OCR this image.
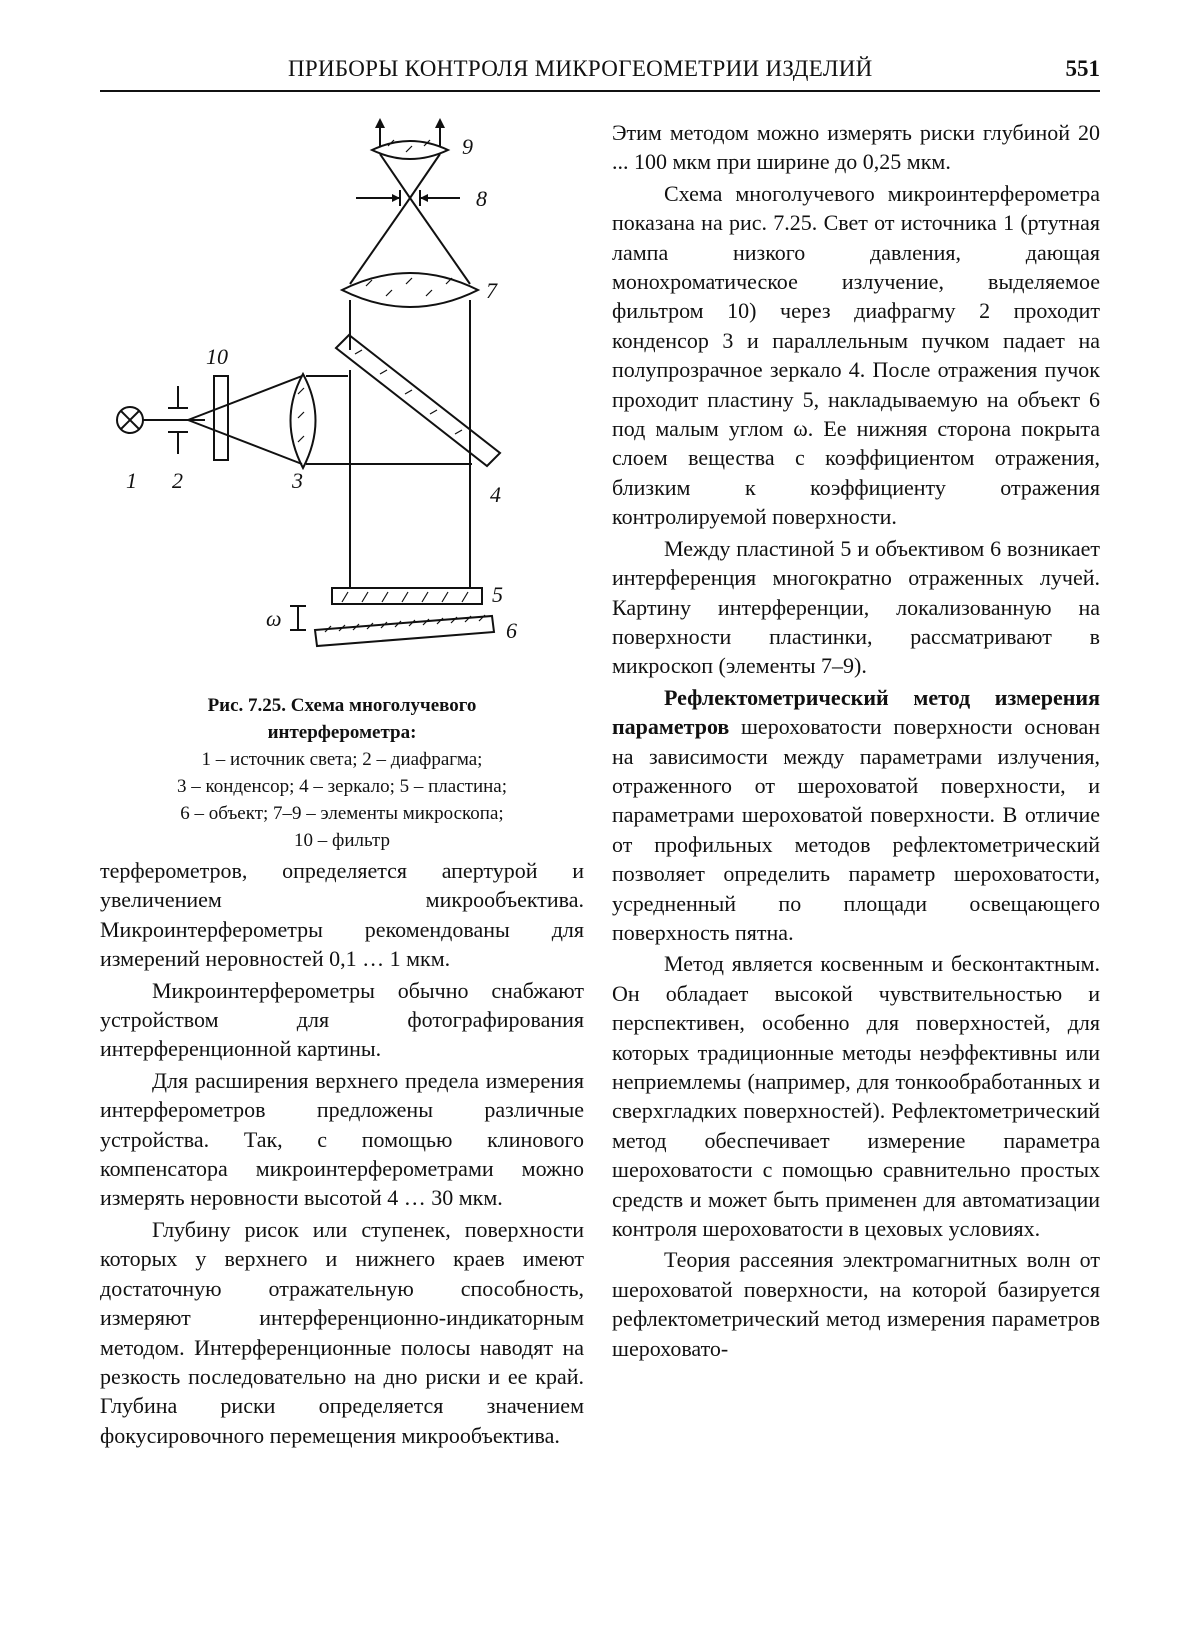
ПРИБОРЫ КОНТРОЛЯ МИКРОГЕОМЕТРИИ ИЗДЕЛИЙ	551
1 2	3
4
5
6
7
8
9
10
ω
Рис. 7.25. Схема многолучевого
интерферометра:
1 – источник света; 2 – диафрагма;
3 – конденсор; 4 – зеркало; 5 – пластина;
6 – объект; 7–9 – элементы микроскопа;
10 – фильтр

терферометров, определяется апертурой и увеличением микрообъектива. Микроинтерферометры рекомендованы для измерений неровностей 0,1 … 1 мкм.

Микроинтерферометры обычно снабжают устройством для фотографирования интерференционной картины.

Для расширения верхнего предела измерения интерферометров предложены различные устройства. Так, с помощью клинового компенсатора микроинтерферометрами можно измерять неровности высотой 4 … 30 мкм.

Глубину рисок или ступенек, поверхности которых у верхнего и нижнего краев имеют достаточную отражательную способность, измеряют интерференционно-индикаторным методом. Интерференционные полосы наводят на резкость последовательно на дно риски и ее край. Глубина риски определяется значением фокусировочного перемещения микрообъектива.

Этим методом можно измерять риски глубиной 20 ... 100 мкм при ширине до 0,25 мкм.

Схема многолучевого микроинтерферометра показана на рис. 7.25. Свет от источника 1 (ртутная лампа низкого давления, дающая монохроматическое излучение, выделяемое фильтром 10) через диафрагму 2 проходит конденсор 3 и параллельным пучком падает на полупрозрачное зеркало 4. После отражения пучок проходит пластину 5, накладываемую на объект 6 под малым углом ω. Ее нижняя сторона покрыта слоем вещества с коэффициентом отражения, близким к коэффициенту отражения контролируемой поверхности.

Между пластиной 5 и объективом 6 возникает интерференция многократно отраженных лучей. Картину интерференции, локализованную на поверхности пластинки, рассматривают в микроскоп (элементы 7–9).

Рефлектометрический метод измерения параметров шероховатости поверхности основан на зависимости между параметрами излучения, отраженного от шероховатой поверхности, и параметрами шероховатой поверхности. В отличие от профильных методов рефлектометрический позволяет определить параметр шероховатости, усредненный по площади освещающего поверхность пятна.

Метод является косвенным и бесконтактным. Он обладает высокой чувствительностью и перспективен, особенно для поверхностей, для которых традиционные методы неэффективны или неприемлемы (например, для тонкообработанных и сверхгладких поверхностей). Рефлектометрический метод обеспечивает измерение параметра шероховатости с помощью сравнительно простых средств и может быть применен для автоматизации контроля шероховатости в цеховых условиях.

Теория рассеяния электромагнитных волн от шероховатой поверхности, на которой базируется рефлектометрический метод измерения параметров шероховато-
